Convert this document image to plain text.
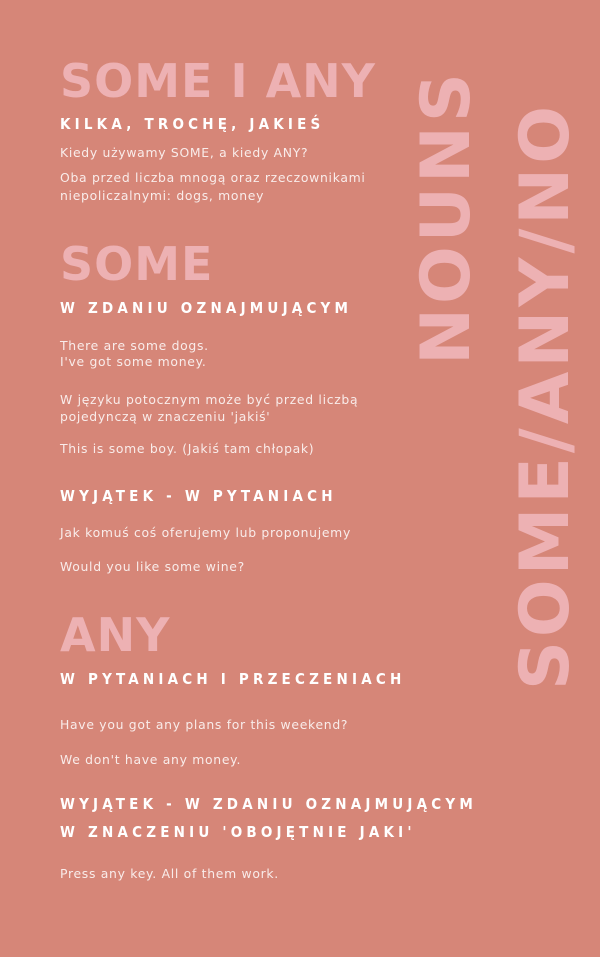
NOUNS SOME/ANY/NO
SOME I ANY
KILKA, TROCHĘ, JAKIEŚ

Kiedy używamy SOME, a kiedy ANY?

Oba przed liczba mnogą oraz rzeczownikami

niepoliczalnymi: dogs, money

SOME
W ZDANIU OZNAJMUJĄCYM

There are some dogs.

I've got some money.

W języku potocznym może być przed liczbą

pojedynczą w znaczeniu 'jakiś'

This is some boy. (Jakiś tam chłopak)

WYJĄTEK - W PYTANIACH

Jak komuś coś oferujemy lub proponujemy

Would you like some wine?

ANY
W PYTANIACH I PRZECZENIACH

Have you got any plans for this weekend?

We don't have any money.

WYJĄTEK - W ZDANIU OZNAJMUJĄCYM
W ZNACZENIU 'OBOJĘTNIE JAKI'

Press any key. All of them work.
